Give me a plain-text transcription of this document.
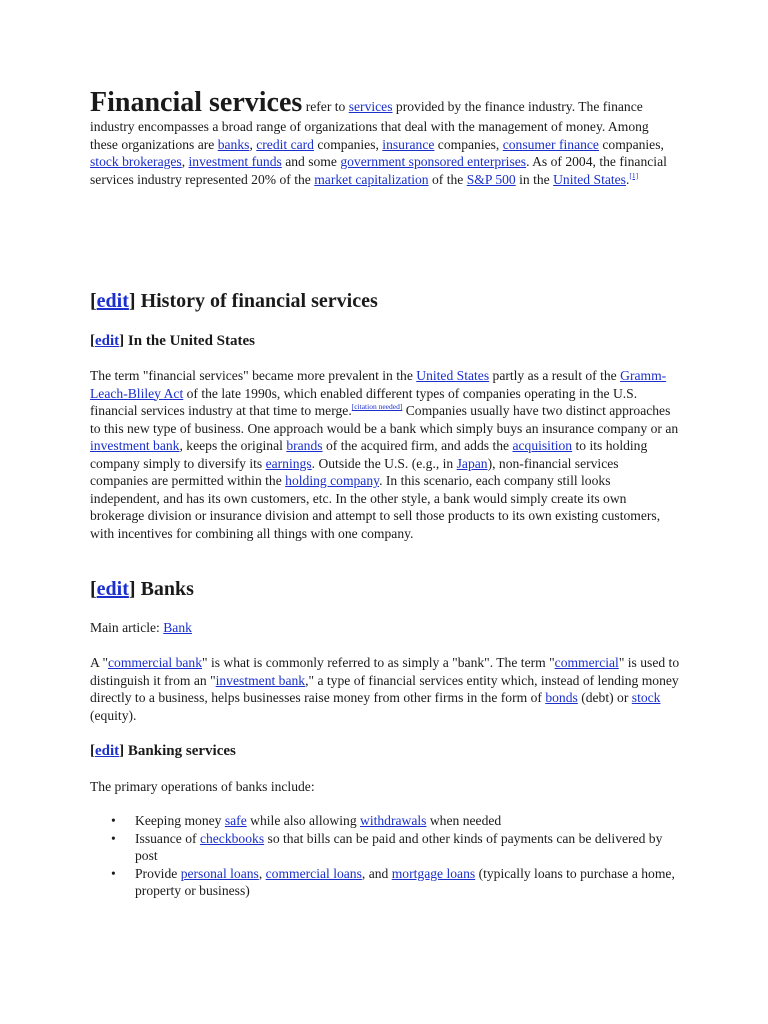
Financial services refer to services provided by the finance industry. The finance industry encompasses a broad range of organizations that deal with the management of money. Among these organizations are banks, credit card companies, insurance companies, consumer finance companies, stock brokerages, investment funds and some government sponsored enterprises. As of 2004, the financial services industry represented 20% of the market capitalization of the S&P 500 in the United States.[1]

[edit] History of financial services
[edit] In the United States

The term "financial services" became more prevalent in the United States partly as a result of the Gramm-Leach-Bliley Act of the late 1990s, which enabled different types of companies operating in the U.S. financial services industry at that time to merge.[citation needed] Companies usually have two distinct approaches to this new type of business. One approach would be a bank which simply buys an insurance company or an investment bank, keeps the original brands of the acquired firm, and adds the acquisition to its holding company simply to diversify its earnings. Outside the U.S. (e.g., in Japan), non-financial services companies are permitted within the holding company. In this scenario, each company still looks independent, and has its own customers, etc. In the other style, a bank would simply create its own brokerage division or insurance division and attempt to sell those products to its own existing customers, with incentives for combining all things with one company.

[edit] Banks

Main article: Bank

A "commercial bank" is what is commonly referred to as simply a "bank". The term "commercial" is used to distinguish it from an "investment bank," a type of financial services entity which, instead of lending money directly to a business, helps businesses raise money from other firms in the form of bonds (debt) or stock (equity).

[edit] Banking services

The primary operations of banks include:

• Keeping money safe while also allowing withdrawals when needed
• Issuance of checkbooks so that bills can be paid and other kinds of payments can be delivered by post
• Provide personal loans, commercial loans, and mortgage loans (typically loans to purchase a home, property or business)
